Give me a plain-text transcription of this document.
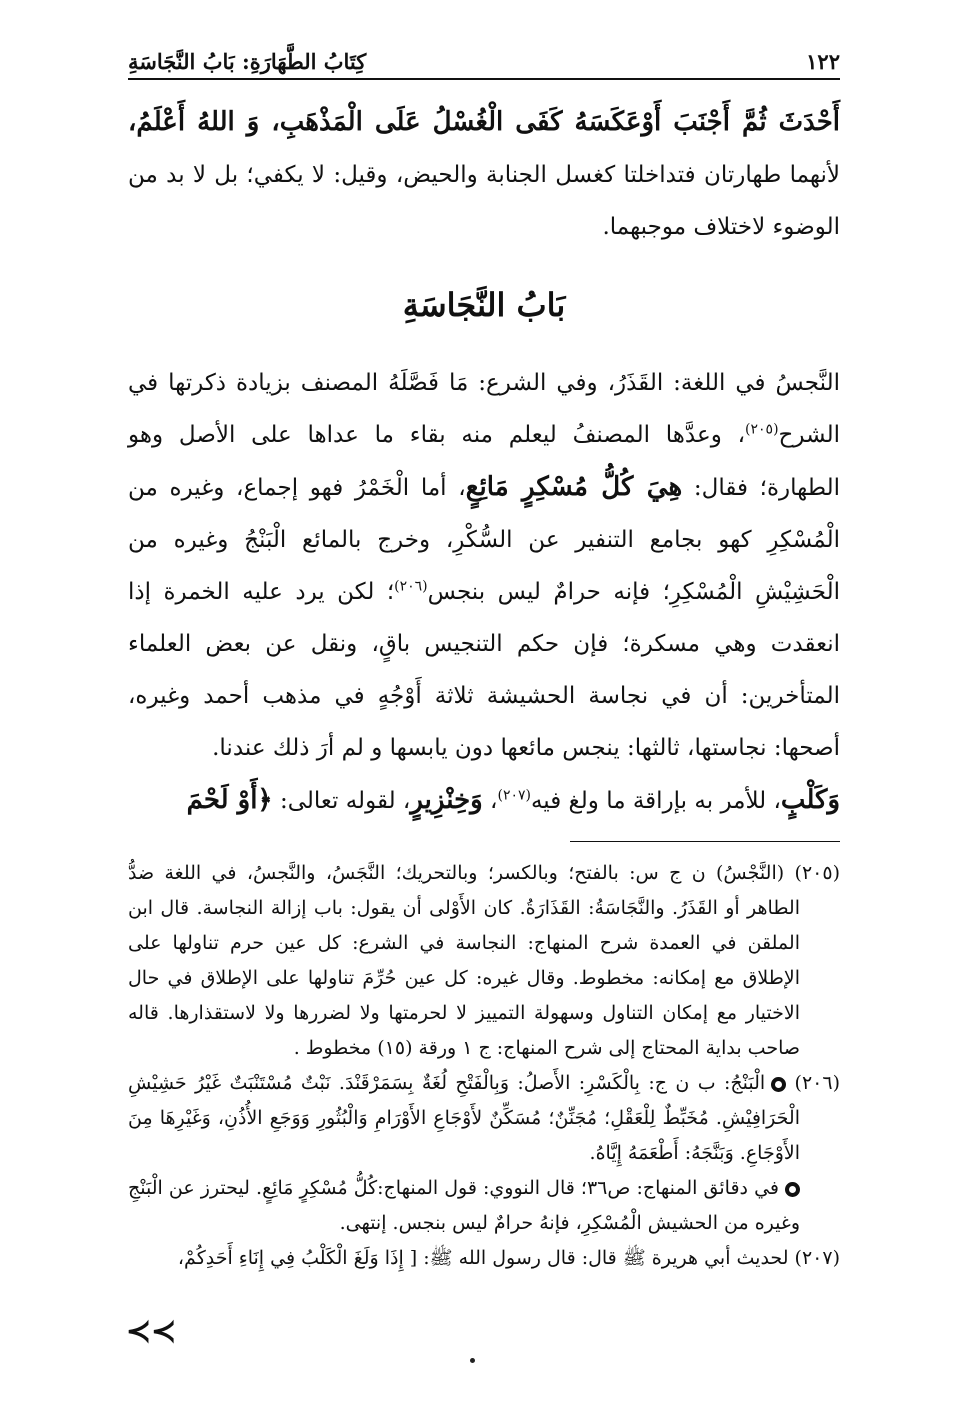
١٢٢
كِتَابُ الطَّهَارَةِ: بَابُ النَّجَاسَةِ

أَحْدَثَ ثُمَّ أَجْنَبَ أَوْعَكَسَهُ كَفَى الْغُسْلُ عَلَى الْمَذْهَبِ، وَ اللهُ أَعْلَمُ، لأنهما طهارتان فتداخلتا كغسل الجنابة والحيض، وقيل: لا يكفي؛ بل لا بد من الوضوء لاختلاف موجبهما.

بَابُ النَّجَاسَةِ

النَّجسُ في اللغة: القَذَرُ، وفي الشرع: مَا فَصَّلَهُ المصنف بزيادة ذكرتها في الشرح$^{(٢٠٥)}$، وعدَّها المصنفُ ليعلم منه بقاء ما عداها على الأصل وهو الطهارة؛ فقال: هِيَ كُلُّ مُسْكِرٍ مَائِعٍ، أما الْخَمْرُ فهو إجماع، وغيره من الْمُسْكِرِ كهو بجامع التنفير عن السُّكْرِ، وخرج بالمائع الْبَنْجُ وغيره من الْحَشِيْشِ الْمُسْكِرِ؛ فإنه حرامٌ ليس بنجس$^{(٢٠٦)}$؛ لكن يرد عليه الخمرة إذا انعقدت وهي مسكرة؛ فإن حكم التنجيس باقٍ، ونقل عن بعض العلماء المتأخرين: أن في نجاسة الحشيشة ثلاثة أَوْجُهٍ في مذهب أحمد وغيره، أصحها: نجاستها، ثالثها: ينجس مائعها دون يابسها و لم أرَ ذلك عندنا.

وَكَلْبٍ، للأمر به بإراقة ما ولغ فيه$^{(٢٠٧)}$، وَخِنْزِيرٍ، لقوله تعالى: ﴿أَوْ لَحْمَ

(٢٠٥) (النَّجْسُ) ن ج س: بالفتح؛ وبالكسر؛ وبالتحريك؛ النَّجَسُ، والنَّجسُ، في اللغة ضدُّ الطاهر أو القَذَرُ. والنَّجَاسَةُ: القَذَارَةُ. كان الأَوْلى أن يقول: باب إزالة النجاسة. قال ابن الملقن في العمدة شرح المنهاج: النجاسة في الشرع: كل عين حرم تناولها على الإطلاق مع إمكانه: مخطوط. وقال غيره: كل عين حُرِّمَ تناولها على الإطلاق في حال الاختيار مع إمكان التناول وسهولة التمييز لا لحرمتها ولا لضررها ولا لاستقذارها. قاله صاحب بداية المحتاج إلى شرح المنهاج: ج ١ ورقة (١٥) مخطوط .

(٢٠٦) الْبَنْجُ: ب ن ج: بِالْكَسْرِ: الأَصلُ: وَبِالْفَتْحِ لُغَةٌ بِسَمَرْقَنْدَ. نَبْتٌ مُسْتَنْبَتٌ غَيْرُ حَشِيْشِ الْحَرَافِيْشِ. مُخَبِّطٌ لِلْعَقْلِ؛ مُجَنِّنٌ؛ مُسَكِّنٌ لأَوْجَاعِ الأَوْرَامِ وَالْبُثُورِ وَوَجَعِ الأُذُنِ، وَغَيْرِهَا مِنَ الأَوْجَاعِ. وَبَنَّجَهُ: أَطْعَمَهُ إِيَّاهُ.

في دقائق المنهاج: ص٣٦؛ قال النووي: قول المنهاج:كُلُّ مُسْكِرٍ مَائِعٍ. ليحترز عن الْبَنْجِ وغيره من الحشيش الْمُسْكِرِ، فإنهُ حرامٌ ليس بنجس. إنتهى.

(٢٠٧) لحديث أبي هريرة ﷺ قال: قال رسول الله ﷺ: [ إِذَا وَلَغَ الْكَلْبُ فِي إِنَاءِ أَحَدِكُمْ،

≺≺
